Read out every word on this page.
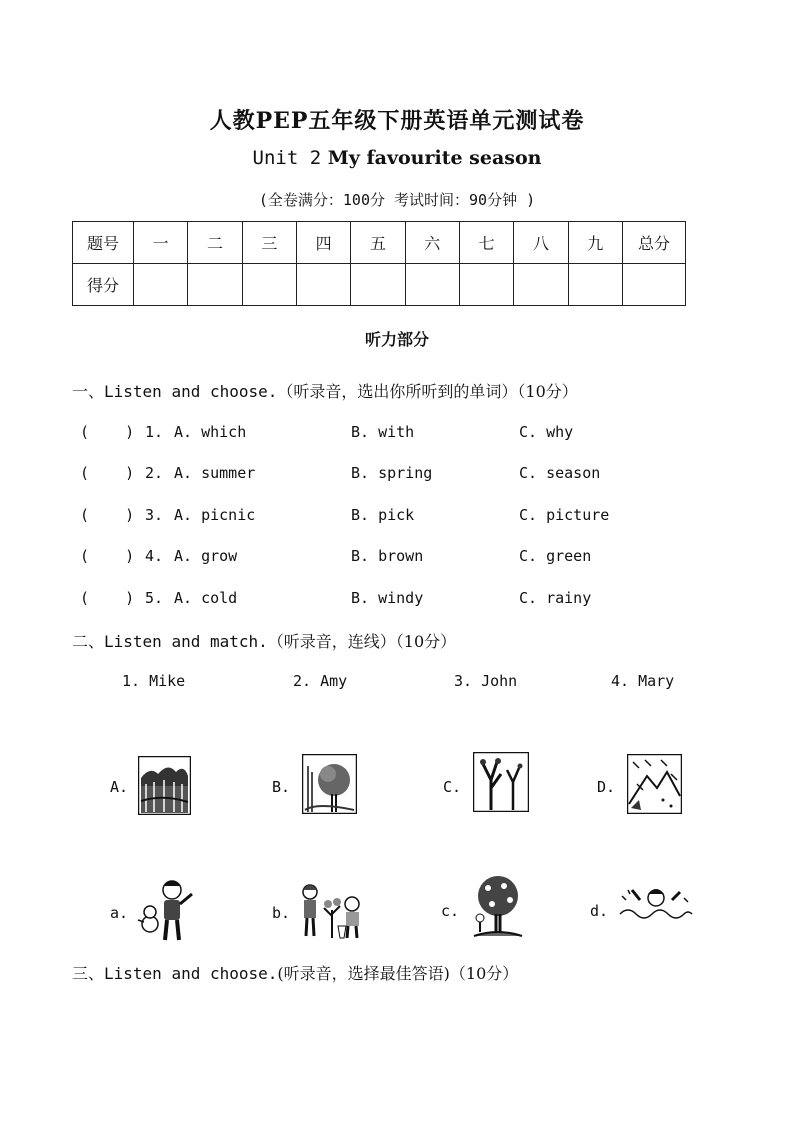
人教PEP五年级下册英语单元测试卷
Unit 2 My favourite season
(全卷满分：100分 考试时间：90分钟 )
题号	一	二	三	四	五	六	七	八	九	总分
得分										
听力部分
一、Listen and choose.（听录音，选出你所听到的单词）（10分）
(    ) 1. A. which	B. with	C. why
(    ) 2. A. summer	B. spring	C. season
(    ) 3. A. picnic	B. pick	C. picture
(    ) 4. A. grow	B. brown	C. green
(    ) 5. A. cold	B. windy	C. rainy
二、Listen and match.（听录音，连线）（10分）
1. Mike	2. Amy	3. John	4. Mary
A.	B.	C.	D.
a.	b.	c.	d.
三、Listen and choose.(听录音，选择最佳答语)（10分）
